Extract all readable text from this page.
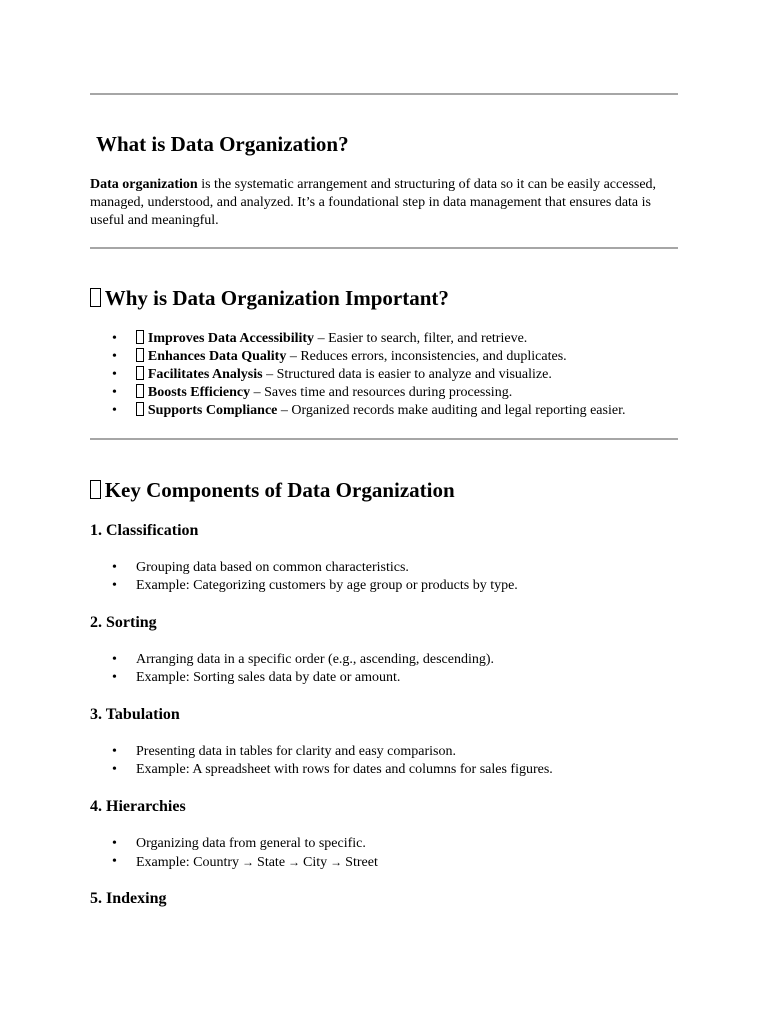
What is Data Organization?

Data organization is the systematic arrangement and structuring of data so it can be easily accessed, managed, understood, and analyzed. It’s a foundational step in data management that ensures data is useful and meaningful.

Why is Data Organization Important?
• Improves Data Accessibility – Easier to search, filter, and retrieve.
• Enhances Data Quality – Reduces errors, inconsistencies, and duplicates.
• Facilitates Analysis – Structured data is easier to analyze and visualize.
• Boosts Efficiency – Saves time and resources during processing.
• Supports Compliance – Organized records make auditing and legal reporting easier.
Key Components of Data Organization
1. Classification
• Grouping data based on common characteristics.
• Example: Categorizing customers by age group or products by type.
2. Sorting
• Arranging data in a specific order (e.g., ascending, descending).
• Example: Sorting sales data by date or amount.
3. Tabulation
• Presenting data in tables for clarity and easy comparison.
• Example: A spreadsheet with rows for dates and columns for sales figures.
4. Hierarchies
• Organizing data from general to specific.
• Example: Country → State → City → Street
5. Indexing
